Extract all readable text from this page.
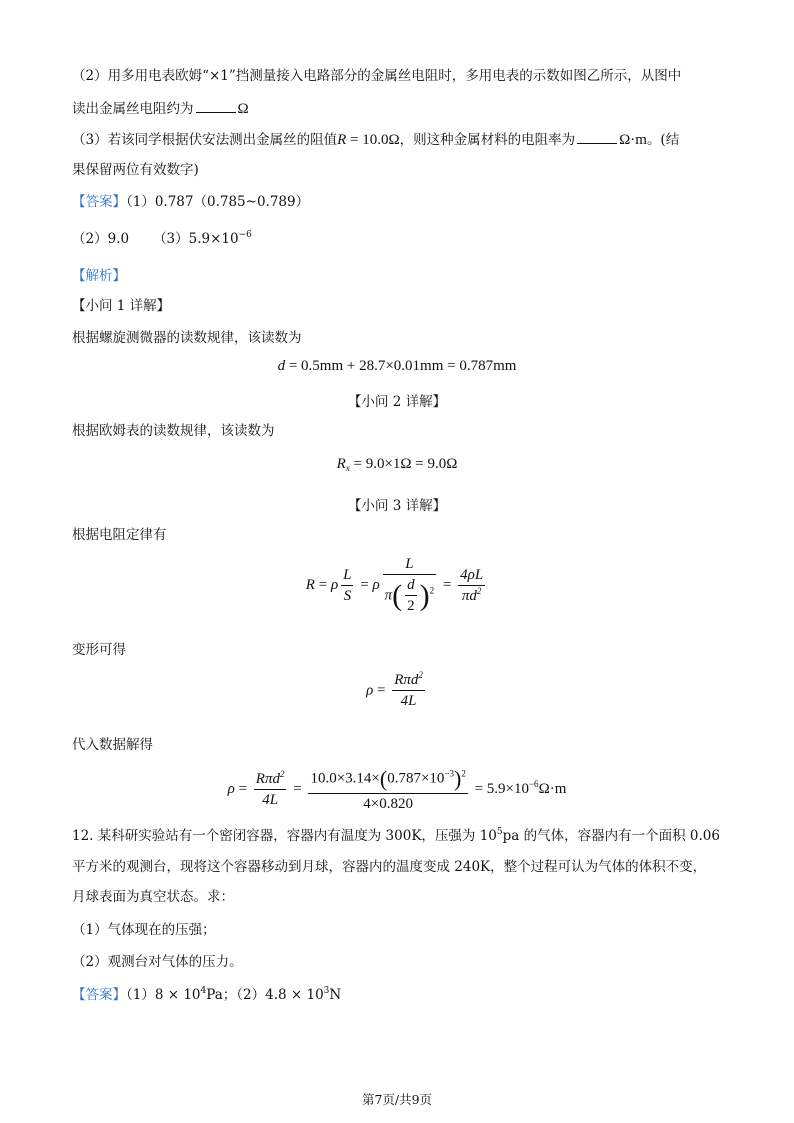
（2）用多用电表欧姆“×1”挡测量接入电路部分的金属丝电阻时，多用电表的示数如图乙所示，从图中
读出金属丝电阻约为	Ω
（3）若该同学根据伏安法测出金属丝的阻值R = 10.0Ω，则这种金属材料的电阻率为	Ω·m。(结
果保留两位有效数字)
【答案】（1）0.787（0.785~0.789）
（2）9.0 $(3)5.9\times 10^{-6}$
【解析】
【小问 1 详解】
根据螺旋测微器的读数规律，该读数为
d = 0.5mm + 28.7×0.01mm = 0.787mm
【小问 2 详解】
根据欧姆表的读数规律，该读数为
$R_x = 9.0\times 1\Omega = 9.0\Omega$
【小问 3 详解】
根据电阻定律有
R = ρ $\frac{L}{S} = \rho \frac{L}{\pi( \frac{d}{2} )^2} = \frac{4\rho L}{\pi d^2}$
变形可得
$\rho = \frac{R\pi d^2}{4L}$
代入数据解得
$\rho = \frac{R\pi d^2}{4L} = \frac{10.0\times 3.14\times(0.787\times 10^{-3})^2}{4\times 0.820} = 5.9\times 10^{-6}\Omega\cdot m$
12. 某科研实验站有一个密闭容器，容器内有温度为 300K，压强为 $10^5pa$ 的气体，容器内有一个面积 0.06
平方米的观测台，现将这个容器移动到月球，容器内的温度变成 240K，整个过程可认为气体的体积不变，
月球表面为真空状态。求：
（1）气体现在的压强；
（2）观测台对气体的压力。
【答案】$(1)8 \times 10^4Pa$；$(2)4.8 \times 10^3N$
第7页/共9页
